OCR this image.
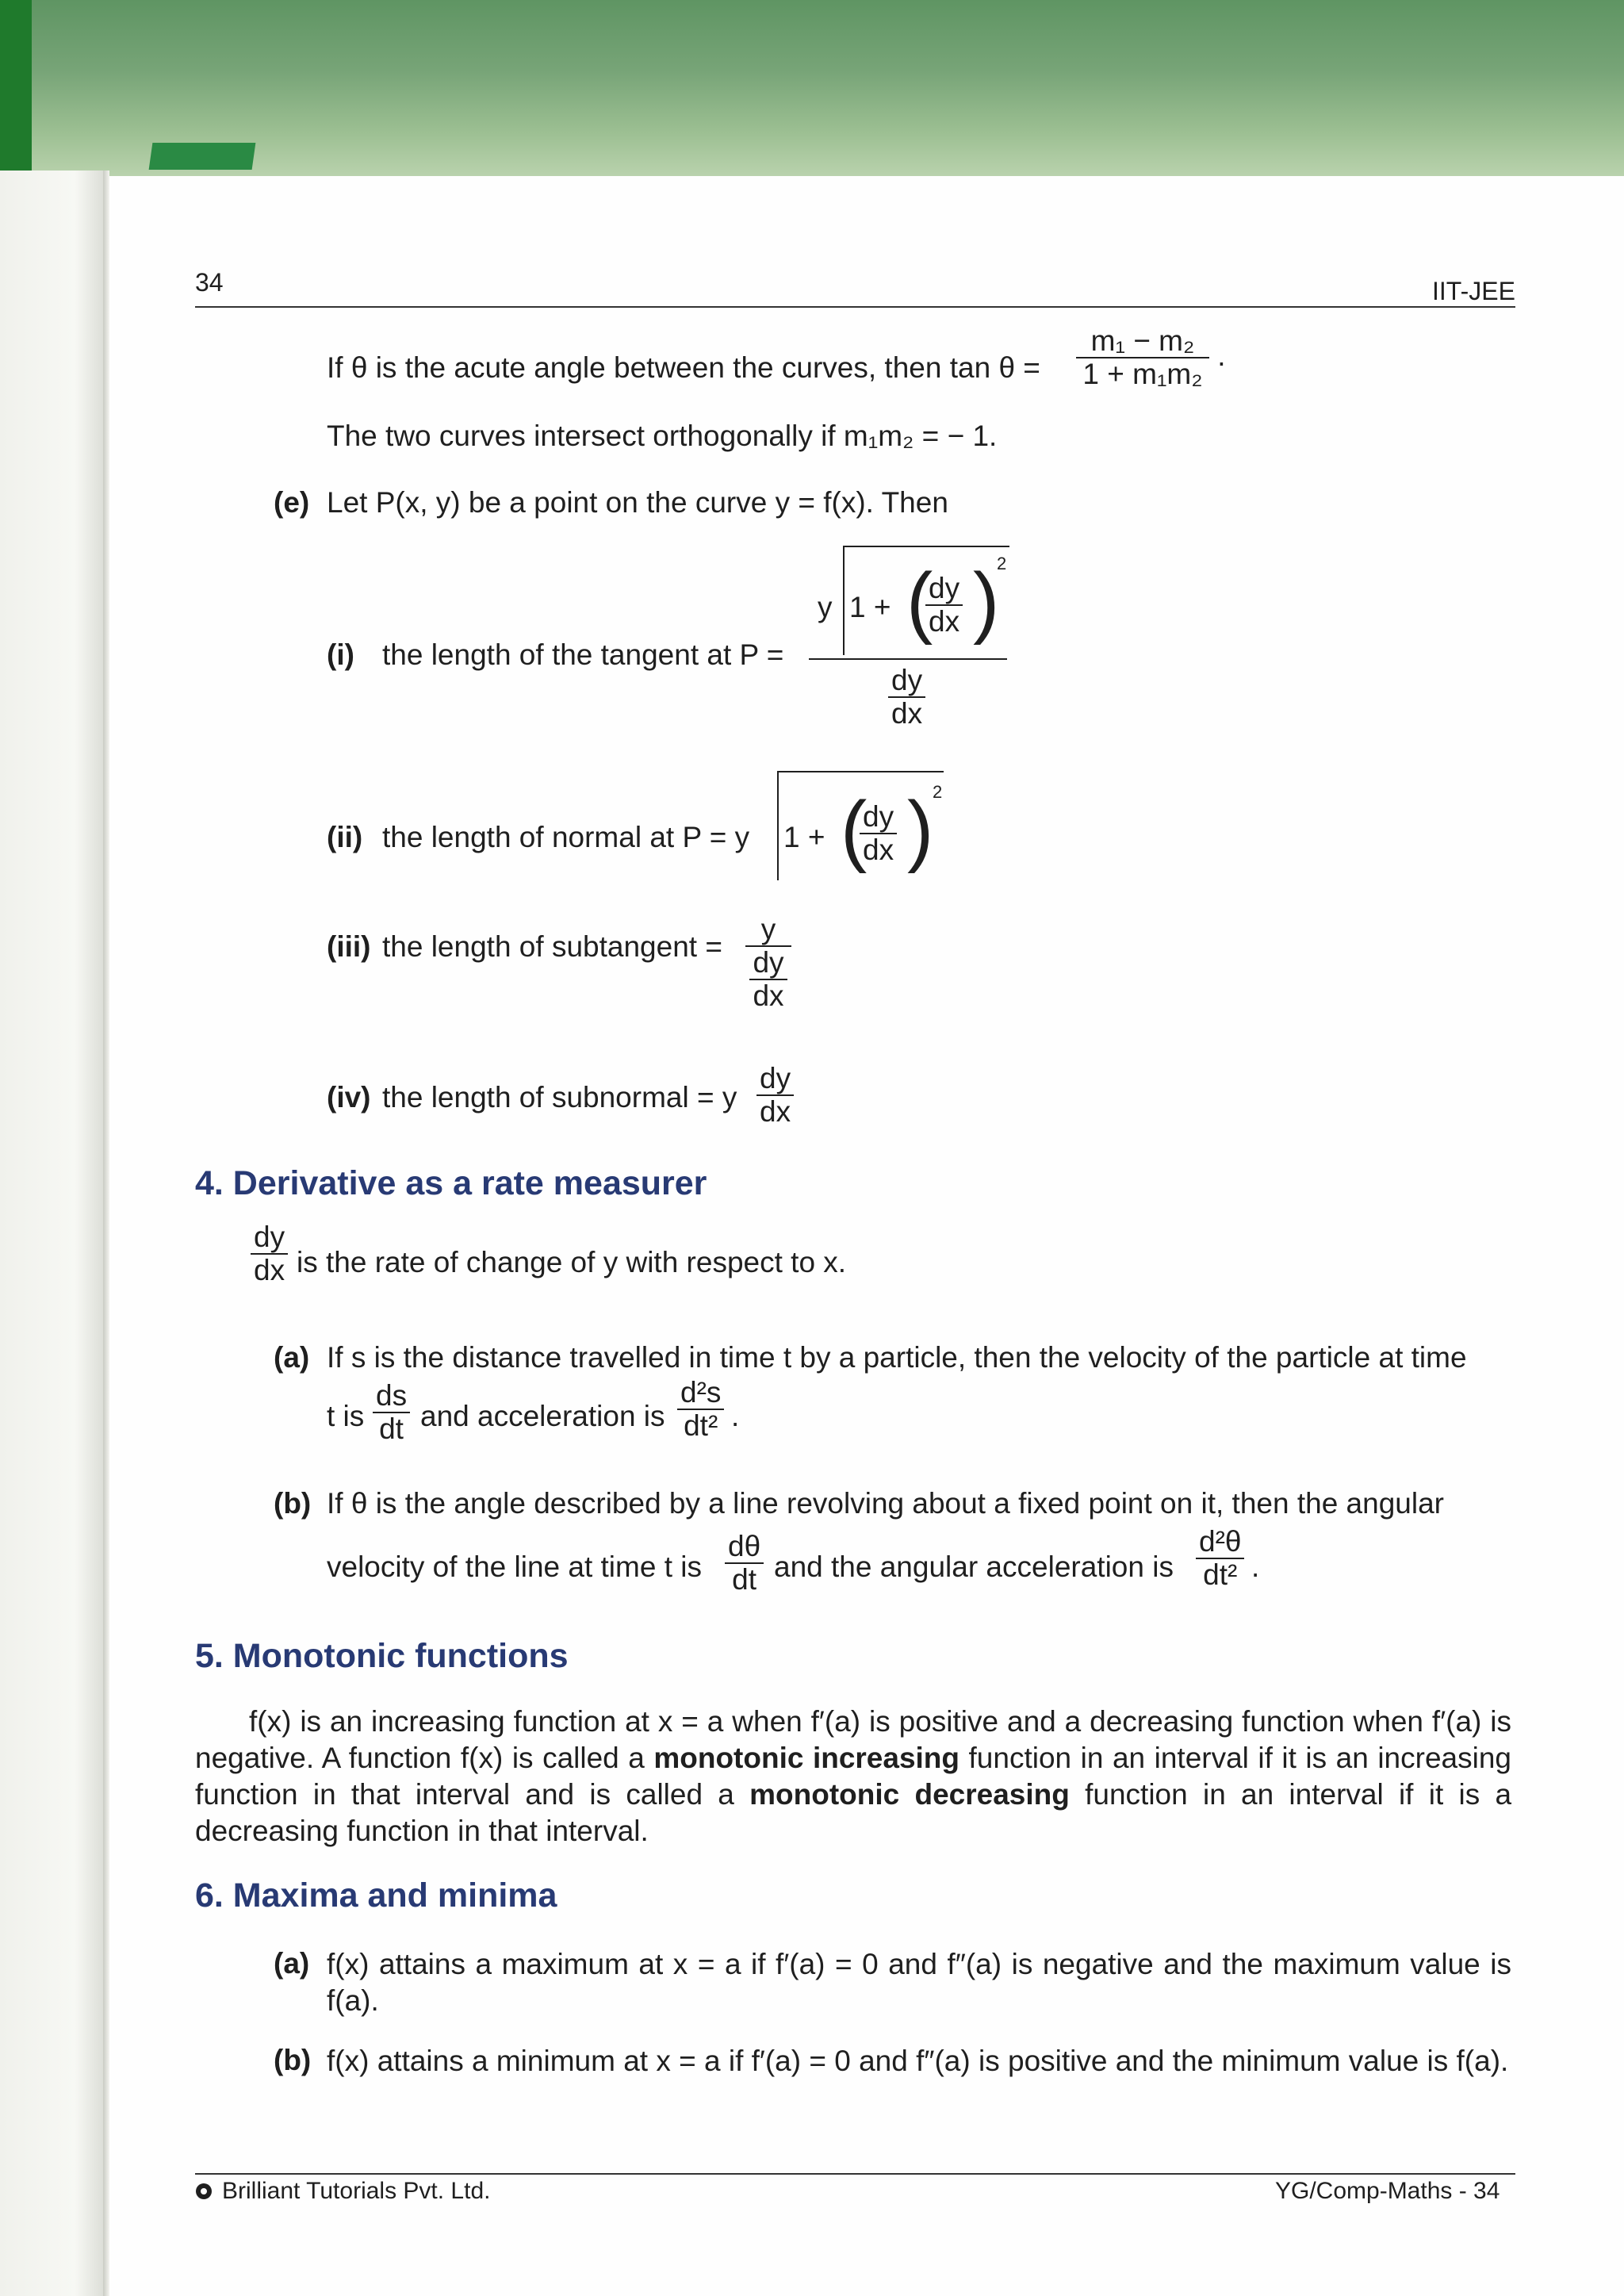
34	IIT-JEE
If θ is the acute angle between the curves, then $\tan \theta = \frac{\text{m₁ − m₂}}{\text{1 + m₁m₂}}$ .
The two curves intersect orthogonally if m₁m₂ = − 1.
(e) Let P(x, y) be a point on the curve y = f(x). Then
(i) the length of the tangent at P =
y 1 + (
$\frac{dy}{dx}$ )
2
$\frac{dy}{dx}$
(ii) the length of normal at P = y 1 + (
$\frac{dy}{dx}$ )
2
(iii) the length of subtangent = $\frac{y}{\frac{dy}{dx}}$
(iv) the length of subnormal = y $\frac{dy}{dx}$
4. Derivative as a rate measurer
$\frac{dy}{dx}$ is the rate of change of y with respect to x.
(a) If s is the distance travelled in time t by a particle, then the velocity of the particle at time
t is $\frac{ds}{dt}$ and acceleration is $\frac{\text{d²s}}{\text{dt²}}$ .
(b) If θ is the angle described by a line revolving about a fixed point on it, then the angular
velocity of the line at time t is $\frac{d\theta}{dt}$ and the angular acceleration is $\frac{\text{d²θ}}{\text{dt²}}$ .
5. Monotonic functions
f(x) is an increasing function at x = a when f′(a) is positive and a decreasing function when f′(a) is negative. A function f(x) is called a monotonic increasing function in an interval if it is an increasing function in that interval and is called a monotonic decreasing function in an interval if it is a decreasing function in that interval.
6. Maxima and minima
(a) f(x) attains a maximum at x = a if f′(a) = 0 and f″(a) is negative and the maximum value is f(a).
(b) f(x) attains a minimum at x = a if f′(a) = 0 and f″(a) is positive and the minimum value is f(a).
Brilliant Tutorials Pvt. Ltd.	YG/Comp-Maths - 34
